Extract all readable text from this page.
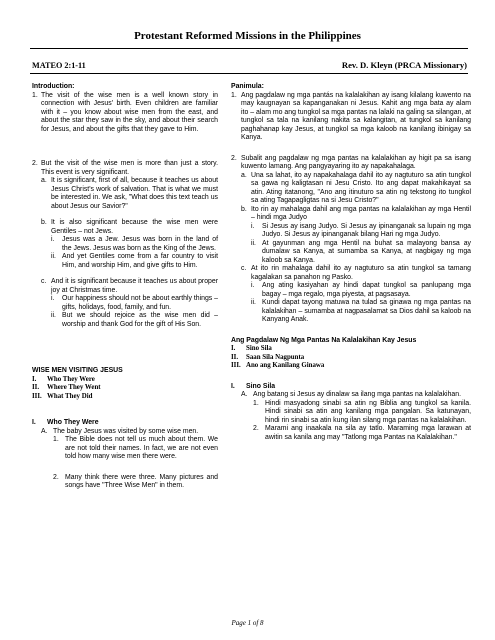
Protestant Reformed Missions in the Philippines
MATEO 2:1-11	Rev. D. Kleyn (PRCA Missionary)
Introduction:
1. The visit of the wise men is a well known story in connection with Jesus' birth. Even children are familiar with it – you know about wise men from the east, and about the star they saw in the sky, and about their search for Jesus, and about the gifts that they gave to Him.
2. But the visit of the wise men is more than just a story. This event is very significant.
a. It is significant, first of all, because it teaches us about Jesus Christ's work of salvation. That is what we must be interested in. We ask, "What does this text teach us about Jesus our Savior?"
b. It is also significant because the wise men were Gentiles – not Jews.
i.	Jesus was a Jew. Jesus was born in the land of the Jews. Jesus was born as the King of the Jews.
ii. And yet Gentiles come from a far country to visit Him, and worship Him, and give gifts to Him.
c. And it is significant because it teaches us about proper joy at Christmas time.
i.	Our happiness should not be about earthly things – gifts, holidays, food, family, and fun.
ii. But we should rejoice as the wise men did – worship and thank God for the gift of His Son.
WISE MEN VISITING JESUS
I.	Who They Were
II.	Where They Went
III. What They Did
I.	Who They Were
A. The baby Jesus was visited by some wise men.
1. The Bible does not tell us much about them. We are not told their names. In fact, we are not even told how many wise men there were.
2. Many think there were three. Many pictures and songs have "Three Wise Men" in them.
Panimula:
1. Ang pagdalaw ng mga pantás na kalalakihan ay isang kilalang kuwento na may kaugnayan sa kapanganakan ni Jesus. Kahit ang mga bata ay alam ito – alam mo ang tungkol sa mga pantas na lalaki na galing sa silangan, at tungkol sa tala na kanilang nakita sa kalangitan, at tungkol sa kanilang paghahanap kay Jesus, at tungkol sa mga kaloob na kanilang ibinigay sa Kanya.
2. Subalit ang pagdalaw ng mga pantas na kalalakihan ay higit pa sa isang kuwento lamang. Ang pangyayaring ito ay napakahalaga.
a. Una sa lahat, ito ay napakahalaga dahil ito ay nagtuturo sa atin tungkol sa gawa ng kaligtasan ni Jesu Cristo. Ito ang dapat makahikayat sa atin. Ating itatanong, "Ano ang itinuturo sa atin ng tekstong ito tungkol sa ating Tagapagligtas na si Jesu Cristo?"
b. Ito rin ay mahalaga dahil ang mga pantas na kalalakihan ay mga Hentil – hindi mga Judyo
i.	Si Jesus ay isang Judyo. Si Jesus ay ipinanganak sa lupain ng mga Judyo. Si Jesus ay ipinanganak bilang Hari ng mga Judyo.
ii. At gayunman ang mga Hentil na buhat sa malayong bansa ay dumalaw sa Kanya, at sumamba sa Kanya, at nagbigay ng mga kaloob sa Kanya.
c. At ito rin mahalaga dahil ito ay nagtuturo sa atin tungkol sa tamang kagalakan sa panahon ng Pasko.
i.	Ang ating kasiyahan ay hindi dapat tungkol sa panlupang mga bagay – mga regalo, mga piyesta, at pagsasaya.
ii. Kundi dapat tayong matuwa na tulad sa ginawa ng mga pantas na kalalakihan – sumamba at nagpasalamat sa Dios dahil sa kaloob na Kanyang Anak.
Ang Pagdalaw Ng Mga Pantas Na Kalalakihan Kay Jesus
I.	Sino Sila
II.	Saan Sila Nagpunta
III. Ano ang Kanilang Ginawa
I.	Sino Sila
A. Ang batang si Jesus ay dinalaw sa ilang mga pantas na kalalakihan.
1. Hindi masyadong sinabi sa atin ng Biblia ang tungkol sa kanila. Hindi sinabi sa atin ang kanilang mga pangalan. Sa katunayan, hindi rin sinabi sa atin kung ilan silang mga pantas na kalalakihan.
2. Marami ang inaakala na sila ay tatlo. Maraming mga larawan at awitin sa kanila ang may "Tatlong mga Pantas na Kalalakihan."
Page 1 of 8
